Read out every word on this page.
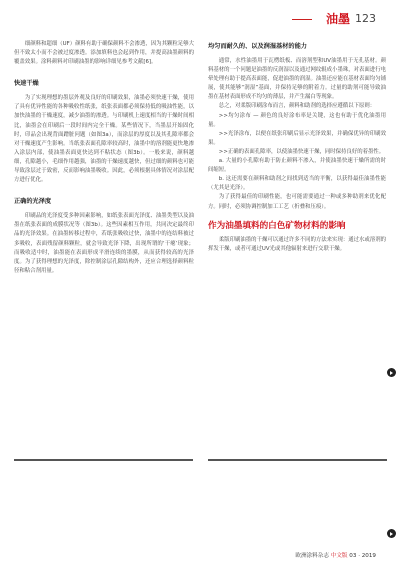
油墨 123

细颜料和超细（UF）颜料有助于确保颜料不会渗透，因为其颗粒足够大但不致太小而不会被过度渗透。添加填料也会起到作用，并提高油墨颜料的覆盖效果。涂料颜料对印刷油墨的影响详细见参考文献[6]。

快速干燥

为了实现理想的墨层外观及良好的印刷效果，油墨必须快速干燥，使用了具有优异性能的各种吸收性纸张，纸张表面都必须保持低的吸油性能，以加快油墨的干燥速度，减少油墨的渗透。与印刷机上速度相当的干燥时间相比，油墨会在印刷后一段时间内完全干燥。某些情况下，当墨层开始固化时，印品会出现背面蹭脏问题（如图3a），而涂层的厚度以及其孔隙率都会对干燥速度产生影响。当纸张表面孔隙率较高时，油墨中的溶剂能更快地渗入涂层内部，使油墨表面更快达到不粘状态（图3b）。一般来说，颜料越细，孔隙越小，毛细作用越强，油墨的干燥速度越快，但过细的颜料也可能导致涂层过于致密，反而影响油墨吸收。因此，必须根据具体情况对涂层配方进行优化。

正确的光泽度

印刷品的光泽度受多种因素影响，如纸张表面光泽度、油墨类型以及油墨在纸张表面的成膜状况等（图3b）。这些因素相互作用，共同决定最终印品的光泽效果。在油墨转移过程中，若纸张吸收过快，油墨中的连结料被过多吸收，表面残留颜料颗粒，就会导致光泽下降，出现所谓的‘干瘪’现象；而吸收适中时，油墨能在表面形成平滑连续的墨膜，从而获得较高的光泽度。为了获得理想的光泽度，除控制涂层孔隙结构外，还应合理选择颜料粒径和粘合剂用量。

均匀而耐久的、以及润湿基材的能力

通常，水性油墨用于瓦楞纸板、而溶剂型和UV油墨用于无孔基材。颜料基材的一个问题是油墨的反润湿以及通过网纹辊成小墨珠，对表面进行电晕处理有助于提高表面能，促进油墨的润湿。油墨还应能在基材表面均匀铺展，使其能够“润湿”基面，并保持足够的附着力。过量的助剂可能导致油墨在基材表面形成不均匀的薄层，并产生漏白等现象。

总之，对柔版印刷涂布而言，颜料和助剂的选择应遵循以下原则：

>>均匀涂布 — 颜色的良好涂布率是关键，这也有助于优化油墨用量。

>>光泽涂布，以便在纸张印刷后显示光泽效果，并确保优异的印刷效果。

>>正确的表面孔隙率，以使油墨快速干燥，同时保持良好的着墨性。

a. 大量的小孔隙有助于防止颜料不渗入，并使油墨快速干燥所需的时间缩短。

b. 这还需要在颜料和助剂之间找到适当的平衡，以获得最佳油墨性能（尤其是光泽）。

为了获得最佳的印刷性能，也可能需要通过一种或多种助剂来优化配方。同时，必须协调控制加工工艺（折叠和压痕）。

作为油墨填料的白色矿物材料的影响

柔版印刷油墨的干燥可以通过许多不同的方法来实现：通过水或溶剂的挥发干燥，或者可通过UV光或其他辐射来进行交联干燥。

欧洲涂料杂志 中文版 03 · 2019
